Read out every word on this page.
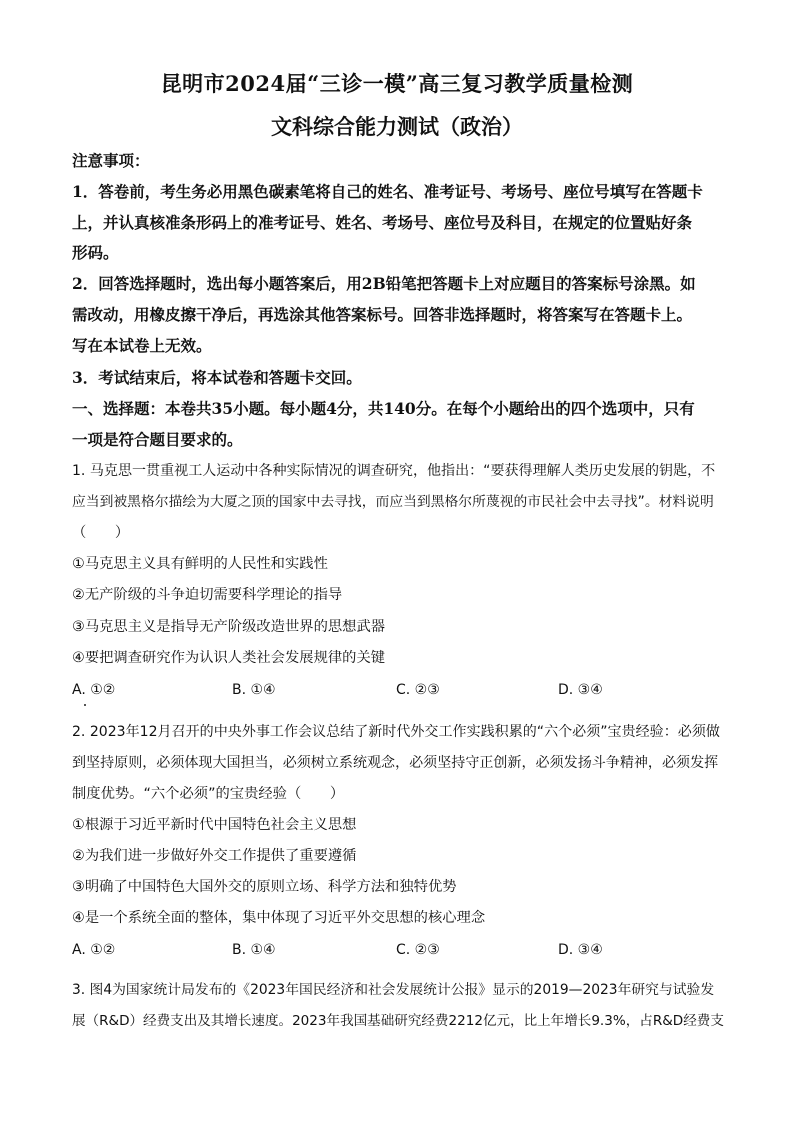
昆明市2024届“三诊一模”高三复习教学质量检测
文科综合能力测试（政治）
注意事项：
1．答卷前，考生务必用黑色碳素笔将自己的姓名、准考证号、考场号、座位号填写在答题卡
上，并认真核准条形码上的准考证号、姓名、考场号、座位号及科目，在规定的位置贴好条
形码。
2．回答选择题时，选出每小题答案后，用2B铅笔把答题卡上对应题目的答案标号涂黑。如
需改动，用橡皮擦干净后，再选涂其他答案标号。回答非选择题时，将答案写在答题卡上。
写在本试卷上无效。
3．考试结束后，将本试卷和答题卡交回。
一、选择题：本卷共35小题。每小题4分，共140分。在每个小题给出的四个选项中，只有
一项是符合题目要求的。
1. 马克思一贯重视工人运动中各种实际情况的调查研究，他指出：“要获得理解人类历史发展的钥匙，不
应当到被黑格尔描绘为大厦之顶的国家中去寻找，而应当到黑格尔所蔑视的市民社会中去寻找”。材料说明
（　　）
①马克思主义具有鲜明的人民性和实践性
②无产阶级的斗争迫切需要科学理论的指导
③马克思主义是指导无产阶级改造世界的思想武器
④要把调查研究作为认识人类社会发展规律的关键
A. ①②	B. ①④	C. ②③	D. ③④
2. 2023年12月召开的中央外事工作会议总结了新时代外交工作实践积累的“六个必须”宝贵经验：必须做
到坚持原则，必须体现大国担当，必须树立系统观念，必须坚持守正创新，必须发扬斗争精神，必须发挥
制度优势。“六个必须”的宝贵经验（　　）
①根源于习近平新时代中国特色社会主义思想
②为我们进一步做好外交工作提供了重要遵循
③明确了中国特色大国外交的原则立场、科学方法和独特优势
④是一个系统全面的整体，集中体现了习近平外交思想的核心理念
A. ①②	B. ①④	C. ②③	D. ③④
3. 图4为国家统计局发布的《2023年国民经济和社会发展统计公报》显示的2019—2023年研究与试验发
展（R&D）经费支出及其增长速度。2023年我国基础研究经费2212亿元，比上年增长9.3%，占R&D经费支
